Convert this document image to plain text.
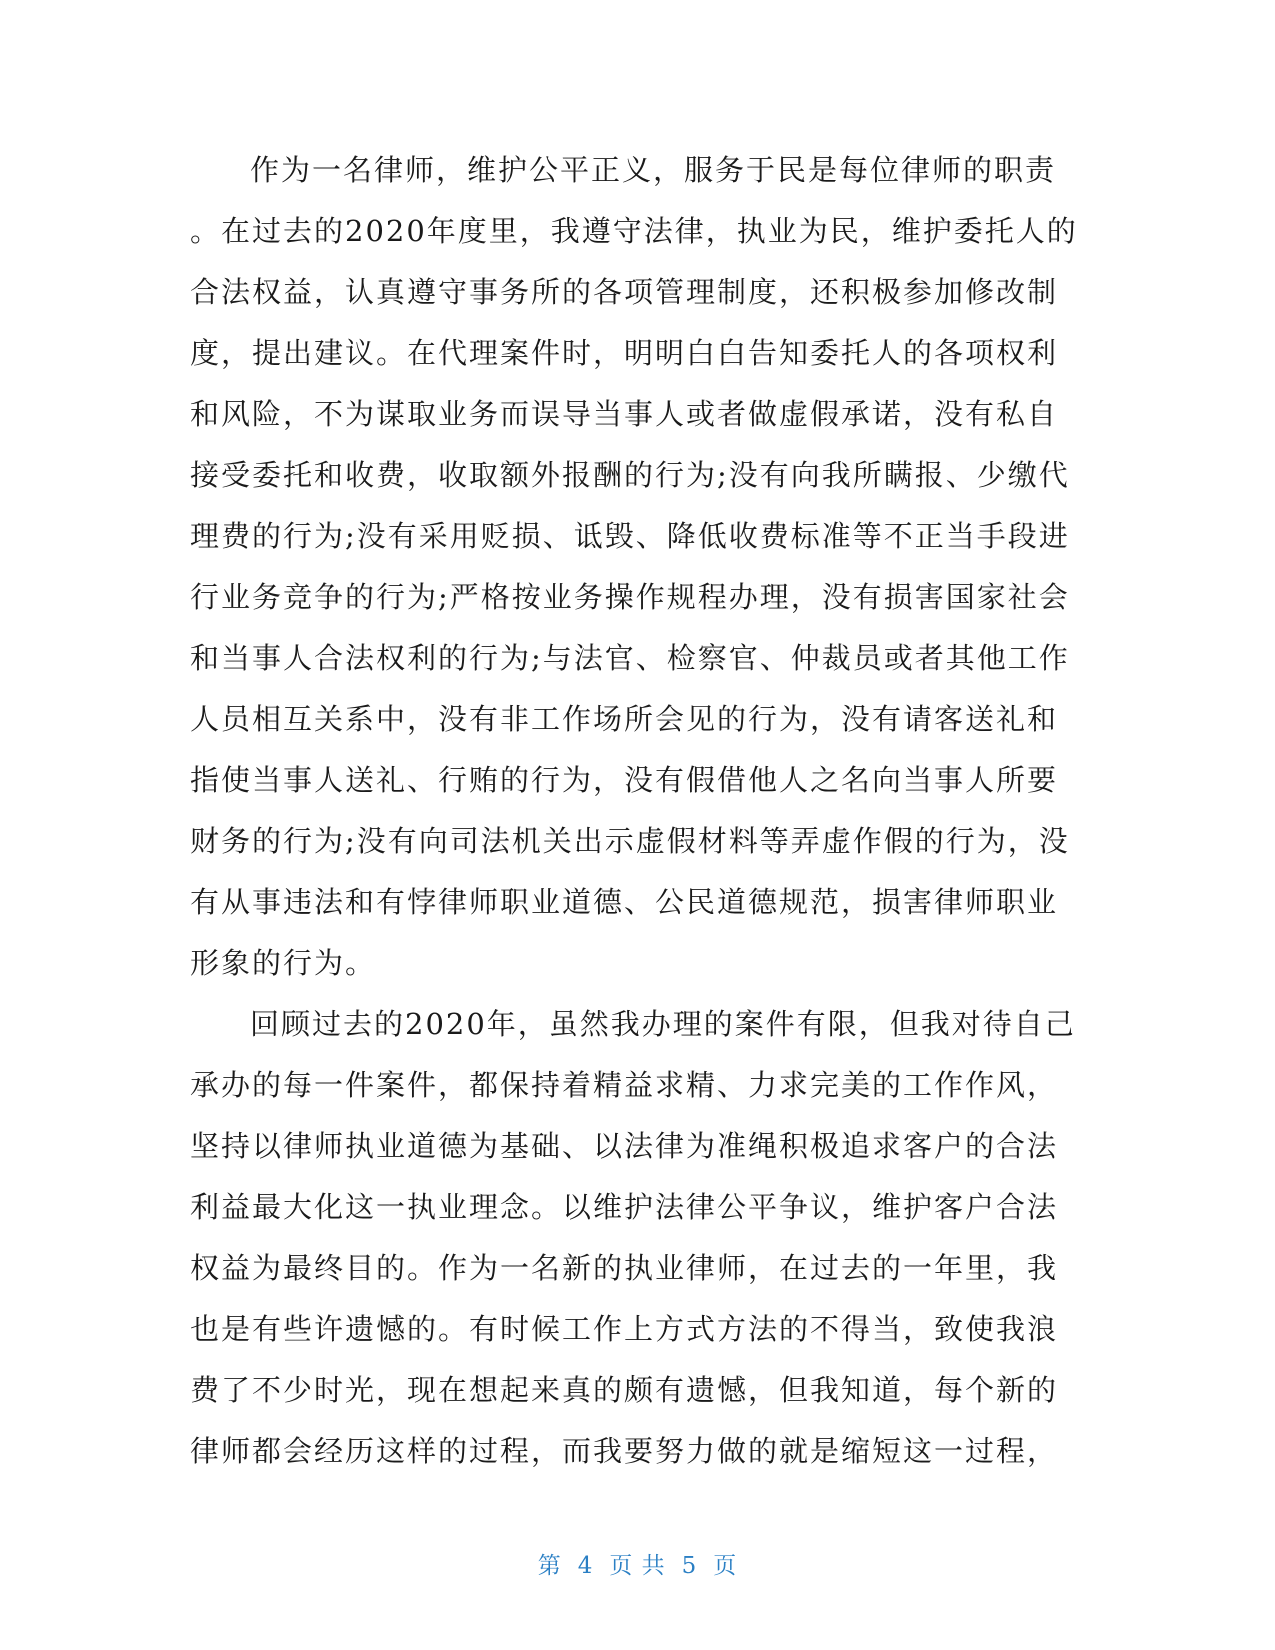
作为一名律师，维护公平正义，服务于民是每位律师的职责
。在过去的2020年度里，我遵守法律，执业为民，维护委托人的
合法权益，认真遵守事务所的各项管理制度，还积极参加修改制
度，提出建议。在代理案件时，明明白白告知委托人的各项权利
和风险，不为谋取业务而误导当事人或者做虚假承诺，没有私自
接受委托和收费，收取额外报酬的行为;没有向我所瞒报、少缴代
理费的行为;没有采用贬损、诋毁、降低收费标准等不正当手段进
行业务竞争的行为;严格按业务操作规程办理，没有损害国家社会
和当事人合法权利的行为;与法官、检察官、仲裁员或者其他工作
人员相互关系中，没有非工作场所会见的行为，没有请客送礼和
指使当事人送礼、行贿的行为，没有假借他人之名向当事人所要
财务的行为;没有向司法机关出示虚假材料等弄虚作假的行为，没
有从事违法和有悖律师职业道德、公民道德规范，损害律师职业
形象的行为。
回顾过去的2020年，虽然我办理的案件有限，但我对待自己
承办的每一件案件，都保持着精益求精、力求完美的工作作风，
坚持以律师执业道德为基础、以法律为准绳积极追求客户的合法
利益最大化这一执业理念。以维护法律公平争议，维护客户合法
权益为最终目的。作为一名新的执业律师，在过去的一年里，我
也是有些许遗憾的。有时候工作上方式方法的不得当，致使我浪
费了不少时光，现在想起来真的颇有遗憾，但我知道，每个新的
律师都会经历这样的过程，而我要努力做的就是缩短这一过程，
第 4 页 共 5 页
